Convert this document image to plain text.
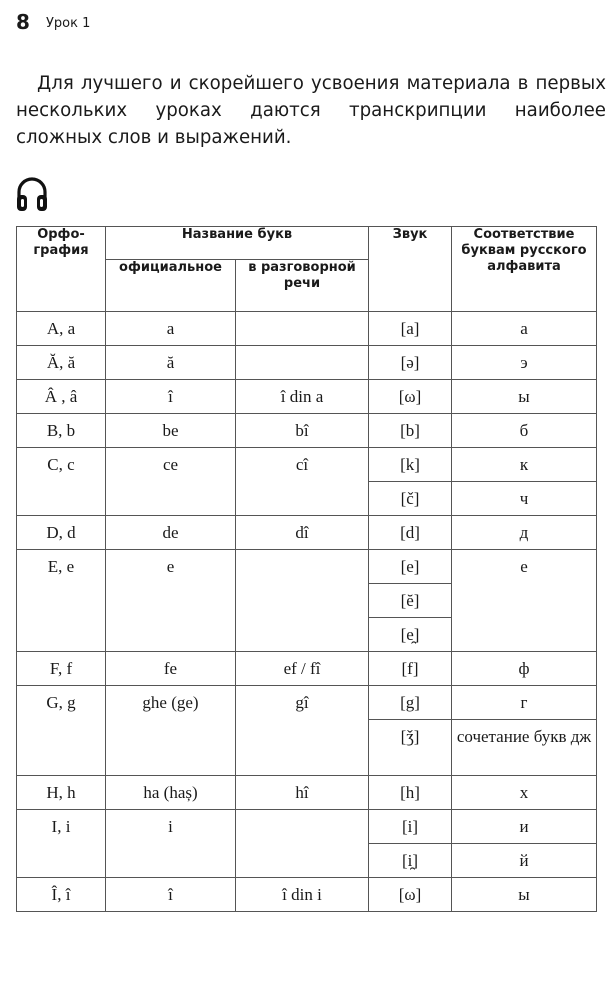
8 Урок 1

Для лучшего и скорейшего усвоения материала в первых нескольких уроках даются транскрипции наиболее сложных слов и выражений.

Орфо-графия	Название букв		Звук	Соответствие буквам русского алфавита
	официальное	в разговорной речи		
A, a	a		[a]	а
Ă, ă	ă		[ə]	э
Â , â	î	î din a	[ω]	ы
B, b	be	bî	[b]	б
C, c	ce	cî	[k]	к
			[č]	ч
D, d	de	dî	[d]	д
E, e	e		[e]	е
			[ĕ]	
			[e̯]	
F, f	fe	ef / fî	[f]	ф
G, g	ghe (ge)	gî	[g]	г
			[ǯ]	сочетание букв дж
H, h	ha (haș)	hî	[h]	х
I, i	i		[i]	и
			[i̯]	й
Î, î	î	î din i	[ω]	ы
